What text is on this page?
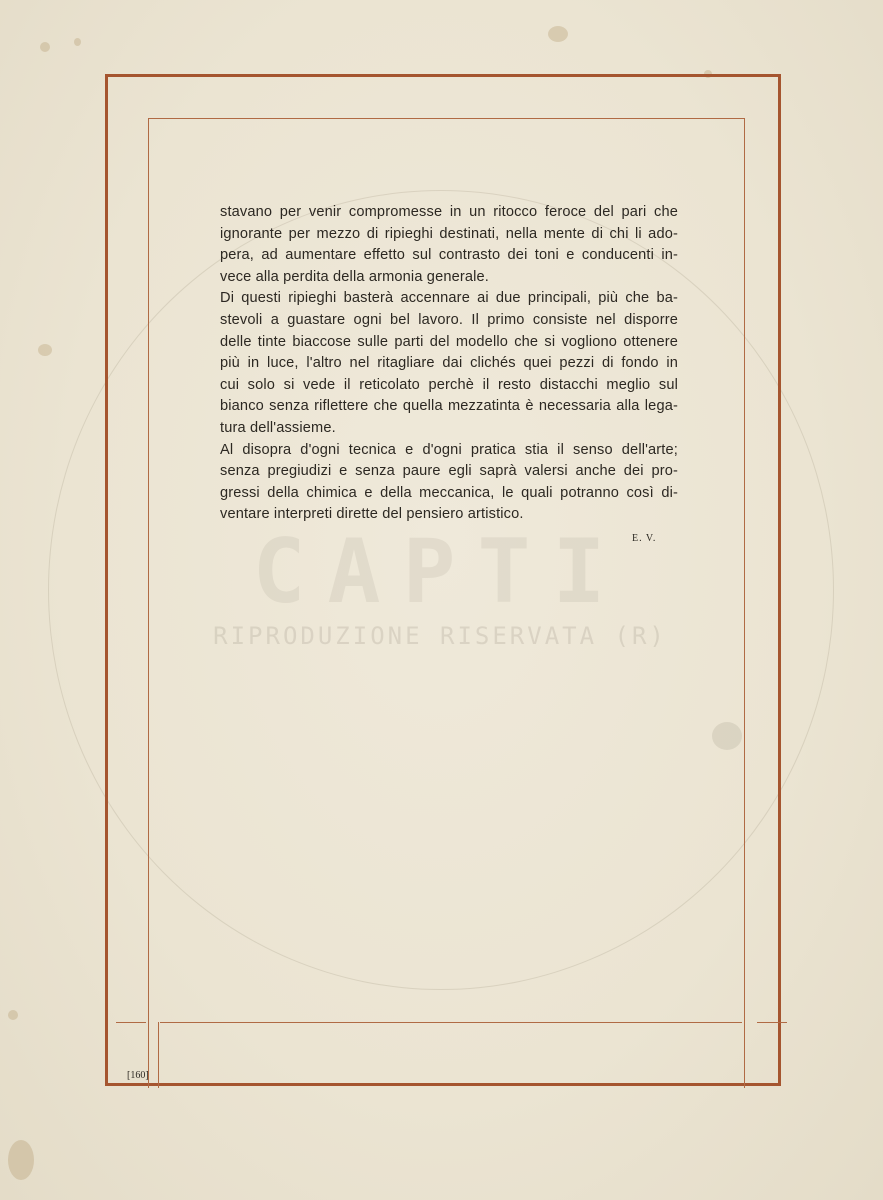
CAPTI
RIPRODUZIONE RISERVATA (R)
stavano per venir compromesse in un ritocco feroce del pari che
ignorante per mezzo di ripieghi destinati, nella mente di chi li ado-
pera, ad aumentare effetto sul contrasto dei toni e conducenti in-
vece alla perdita della armonia generale.
Di questi ripieghi basterà accennare ai due principali, più che ba-
stevoli a guastare ogni bel lavoro. Il primo consiste nel disporre
delle tinte biaccose sulle parti del modello che si vogliono ottenere
più in luce, l'altro nel ritagliare dai clichés quei pezzi di fondo in
cui solo si vede il reticolato perchè il resto distacchi meglio sul
bianco senza riflettere che quella mezzatinta è necessaria alla lega-
tura dell'assieme.
Al disopra d'ogni tecnica e d'ogni pratica stia il senso dell'arte;
senza pregiudizi e senza paure egli saprà valersi anche dei pro-
gressi della chimica e della meccanica, le quali potranno così di-
ventare interpreti dirette del pensiero artistico.
E. V.
[160]
